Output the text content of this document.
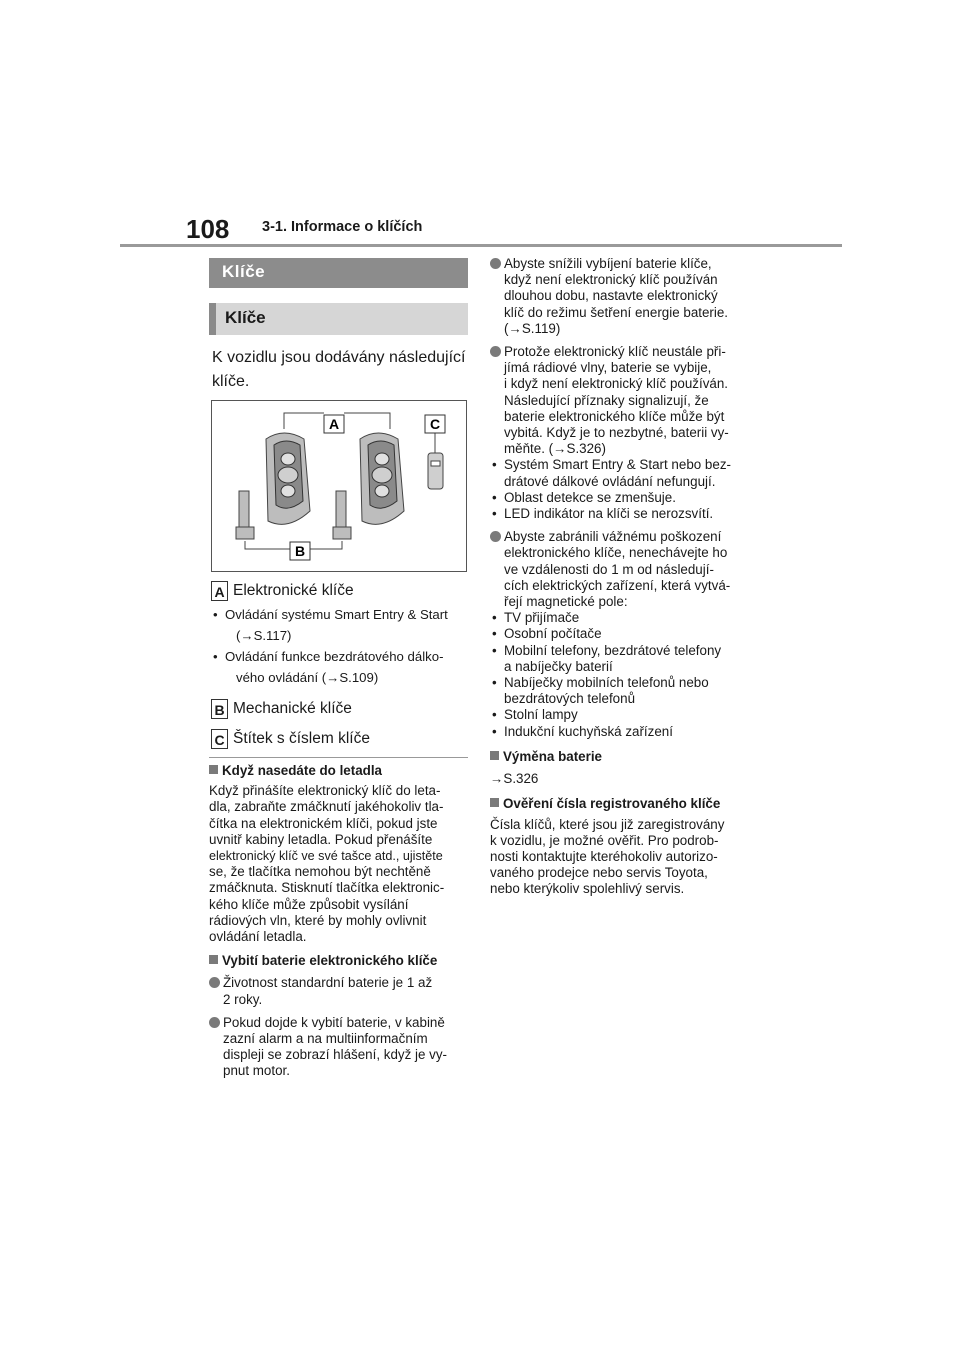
108 3-1. Informace o klíčích
Klíče
Klíče
K vozidlu jsou dodávány následující klíče.
A
B
C
A Elektronické klíče
• Ovládání systému Smart Entry & Start
(→S.117)
• Ovládání funkce bezdrátového dálko-
vého ovládání (→S.109)
B Mechanické klíče
C Štítek s číslem klíče
Když nasedáte do letadla
Když přinášíte elektronický klíč do leta-
dla, zabraňte zmáčknutí jakéhokoliv tla-
čítka na elektronickém klíči, pokud jste
uvnitř kabiny letadla. Pokud přenášíte
elektronický klíč ve své tašce atd., ujistěte
se, že tlačítka nemohou být nechtěně
zmáčknuta. Stisknutí tlačítka elektronic-
kého klíče může způsobit vysílání
rádiových vln, které by mohly ovlivnit
ovládání letadla.
Vybití baterie elektronického klíče
Životnost standardní baterie je 1 až
2 roky.
Pokud dojde k vybití baterie, v kabině
zazní alarm a na multiinformačním
displeji se zobrazí hlášení, když je vy-
pnut motor.
Abyste snížili vybíjení baterie klíče,
když není elektronický klíč používán
dlouhou dobu, nastavte elektronický
klíč do režimu šetření energie baterie.
(→S.119)
Protože elektronický klíč neustále při-
jímá rádiové vlny, baterie se vybije,
i když není elektronický klíč používán.
Následující příznaky signalizují, že
baterie elektronického klíče může být
vybitá. Když je to nezbytné, baterii vy-
měňte. (→S.326)
• Systém Smart Entry & Start nebo bez-
drátové dálkové ovládání nefungují.
• Oblast detekce se zmenšuje.
• LED indikátor na klíči se nerozsvítí.
Abyste zabránili vážnému poškození
elektronického klíče, nenechávejte ho
ve vzdálenosti do 1 m od následují-
cích elektrických zařízení, která vytvá-
řejí magnetické pole:
• TV přijímače
• Osobní počítače
• Mobilní telefony, bezdrátové telefony
a nabíječky baterií
• Nabíječky mobilních telefonů nebo
bezdrátových telefonů
• Stolní lampy
• Indukční kuchyňská zařízení
Výměna baterie
→S.326
Ověření čísla registrovaného klíče
Čísla klíčů, které jsou již zaregistrovány
k vozidlu, je možné ověřit. Pro podrob-
nosti kontaktujte kteréhokoliv autorizo-
vaného prodejce nebo servis Toyota,
nebo kterýkoliv spolehlivý servis.
